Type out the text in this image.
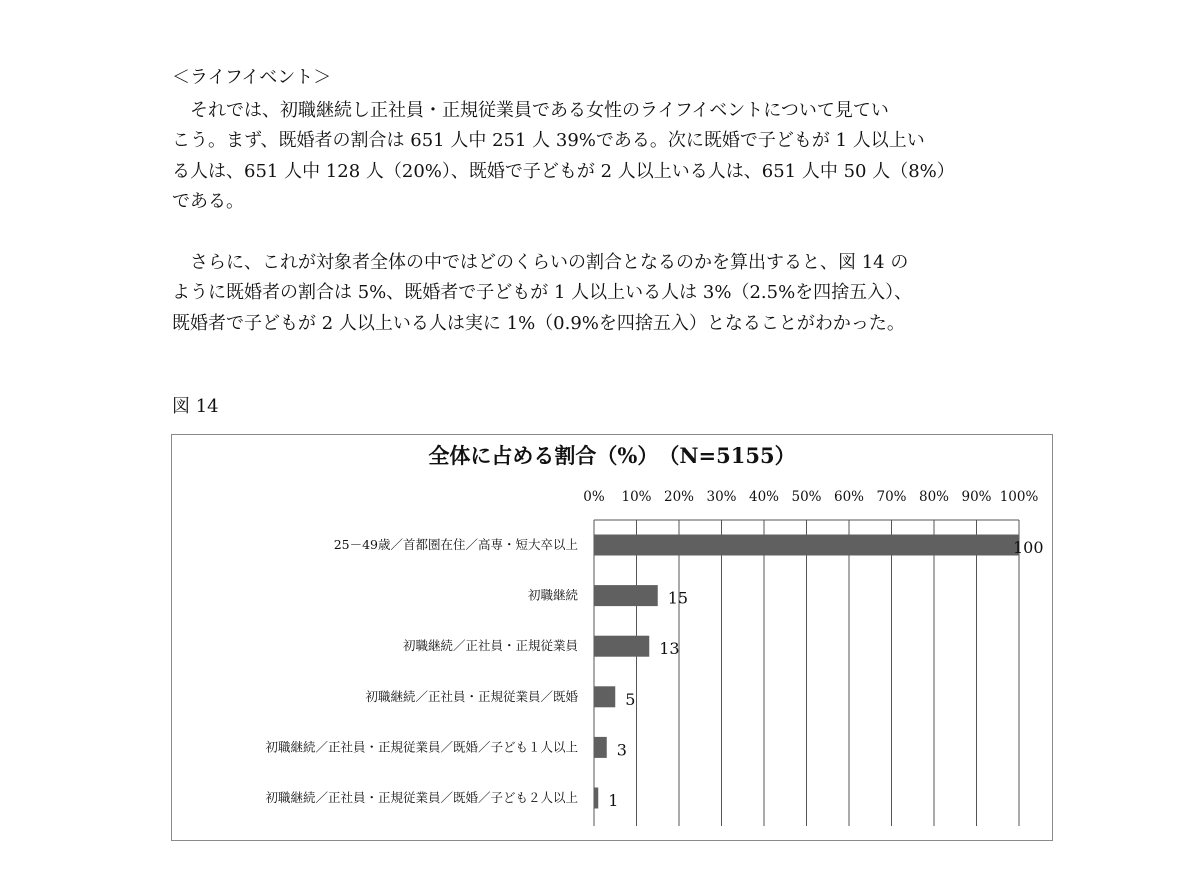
＜ライフイベント＞
　それでは、初職継続し正社員・正規従業員である女性のライフイベントについて見てい
こう。まず、既婚者の割合は 651 人中 251 人 39%である。次に既婚で子どもが 1 人以上い
る人は、651 人中 128 人（20%）、既婚で子どもが 2 人以上いる人は、651 人中 50 人（8%）
である。
　さらに、これが対象者全体の中ではどのくらいの割合となるのかを算出すると、図 14 の
ように既婚者の割合は 5%、既婚者で子どもが 1 人以上いる人は 3%（2.5%を四捨五入）、
既婚者で子どもが 2 人以上いる人は実に 1%（0.9%を四捨五入）となることがわかった。
図 14
全体に占める割合（%）　（N=5155）
0% 10% 20% 30% 40% 50% 60% 70% 80% 90% 100%
25－49歳／首都圏在住／高専・短大卒以上	100
初職継続	15
初職継続／正社員・正規従業員	13
初職継続／正社員・正規従業員／既婚	5
初職継続／正社員・正規従業員／既婚／子ども１人以上 3
初職継続／正社員・正規従業員／既婚／子ども２人以上 1
